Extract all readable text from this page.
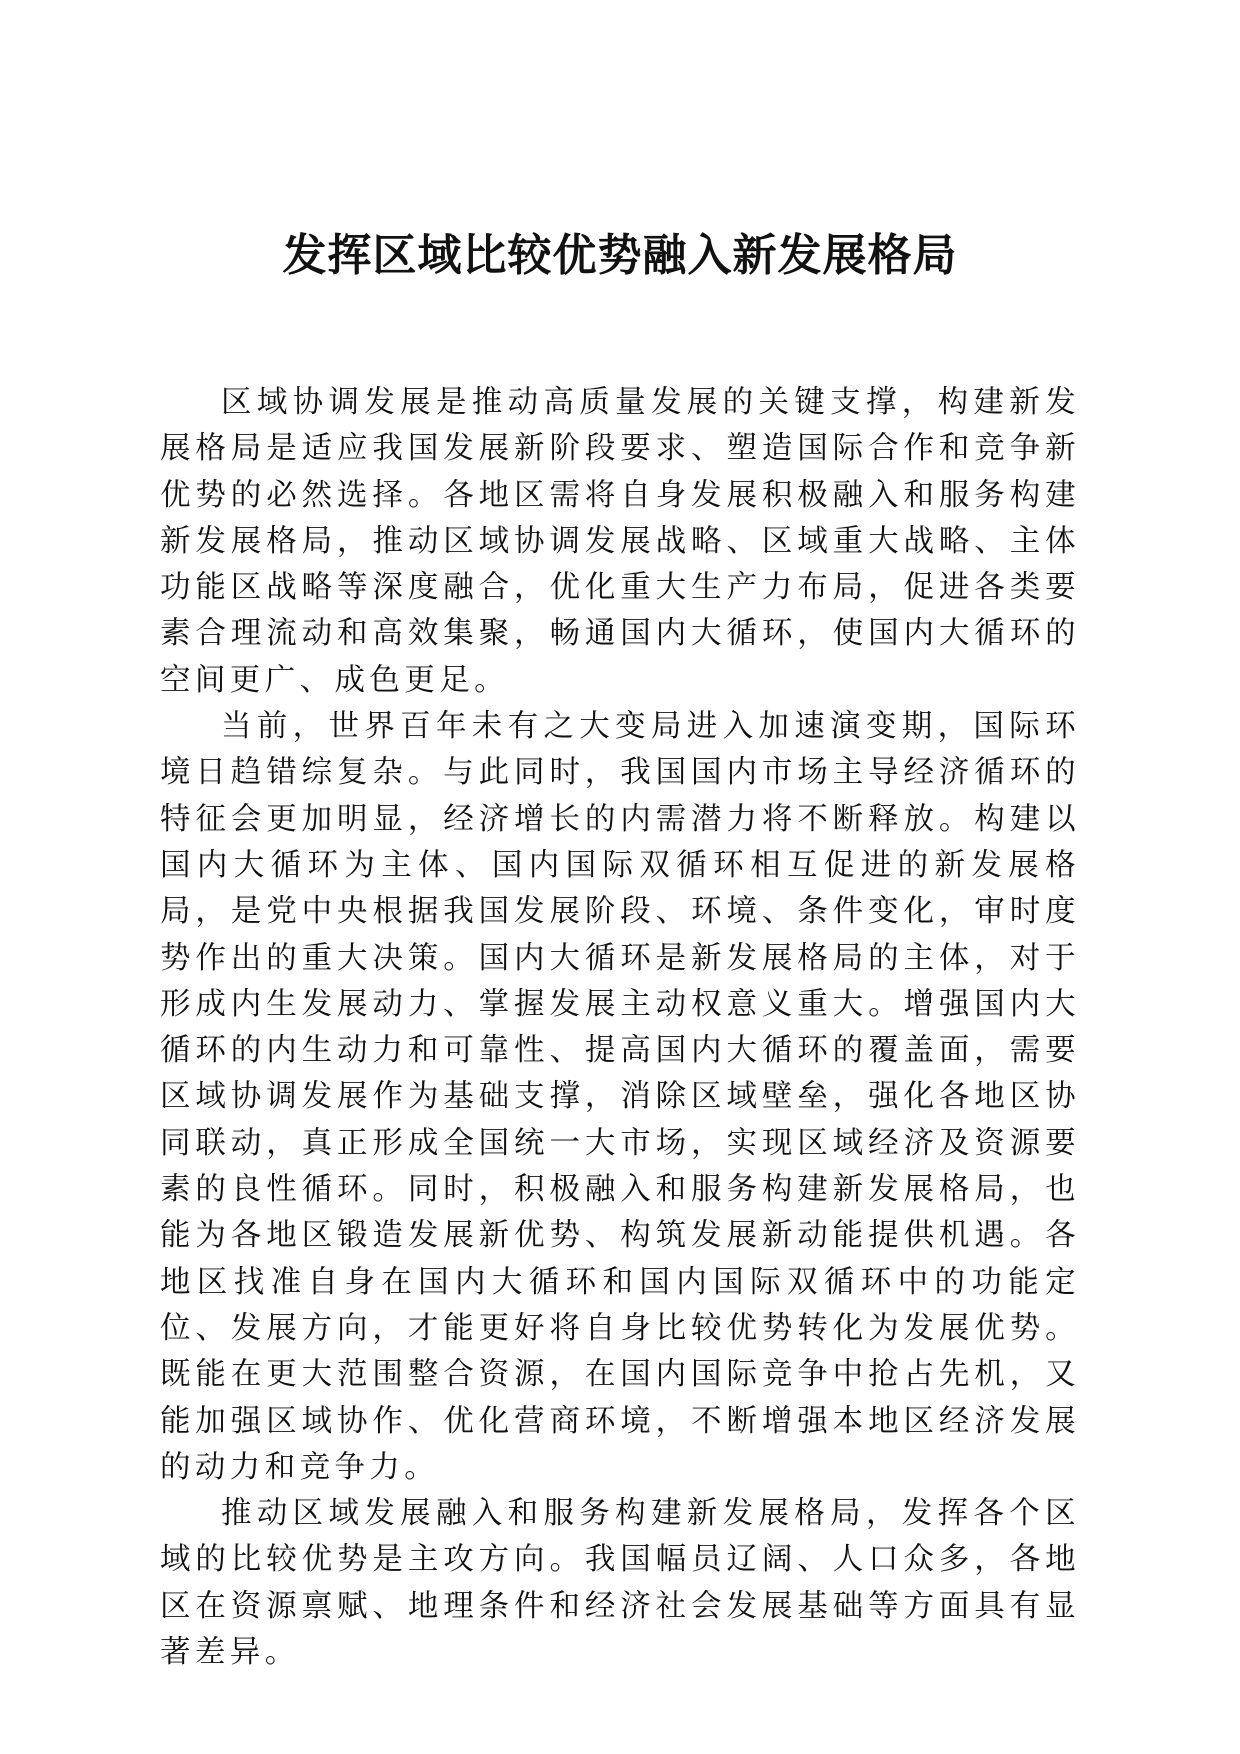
发挥区域比较优势融入新发展格局

区域协调发展是推动高质量发展的关键支撑，构建新发展格局是适应我国发展新阶段要求、塑造国际合作和竞争新优势的必然选择。各地区需将自身发展积极融入和服务构建新发展格局，推动区域协调发展战略、区域重大战略、主体功能区战略等深度融合，优化重大生产力布局，促进各类要素合理流动和高效集聚，畅通国内大循环，使国内大循环的空间更广、成色更足。

当前，世界百年未有之大变局进入加速演变期，国际环境日趋错综复杂。与此同时，我国国内市场主导经济循环的特征会更加明显，经济增长的内需潜力将不断释放。构建以国内大循环为主体、国内国际双循环相互促进的新发展格局，是党中央根据我国发展阶段、环境、条件变化，审时度势作出的重大决策。国内大循环是新发展格局的主体，对于形成内生发展动力、掌握发展主动权意义重大。增强国内大循环的内生动力和可靠性、提高国内大循环的覆盖面，需要区域协调发展作为基础支撑，消除区域壁垒，强化各地区协同联动，真正形成全国统一大市场，实现区域经济及资源要素的良性循环。同时，积极融入和服务构建新发展格局，也能为各地区锻造发展新优势、构筑发展新动能提供机遇。各地区找准自身在国内大循环和国内国际双循环中的功能定位、发展方向，才能更好将自身比较优势转化为发展优势。既能在更大范围整合资源，在国内国际竞争中抢占先机，又能加强区域协作、优化营商环境，不断增强本地区经济发展的动力和竞争力。

推动区域发展融入和服务构建新发展格局，发挥各个区域的比较优势是主攻方向。我国幅员辽阔、人口众多，各地区在资源禀赋、地理条件和经济社会发展基础等方面具有显著差异。
